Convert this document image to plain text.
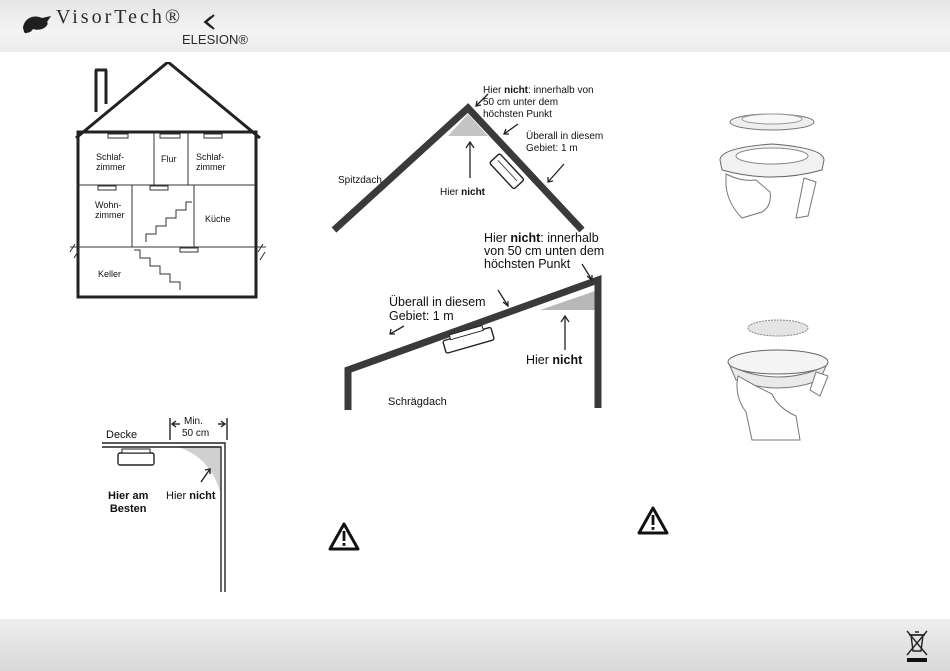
VisorTech®
ELESION®
Schlaf-
zimmer
Flur Schlaf-
zimmer
Wohn-
zimmer	Küche
Keller
Min.
50 cm
Decke
Hier am
Besten
Hier nicht
Spitzdach
Hier nicht: innerhalb von
50 cm unter dem
höchsten Punkt
Überall in diesem
Gebiet: 1 m
Hier nicht
Hier nicht: innerhalb
von 50 cm unten dem
höchsten Punkt
Überall in diesem
Gebiet: 1 m
Hier nicht
Schrägdach
